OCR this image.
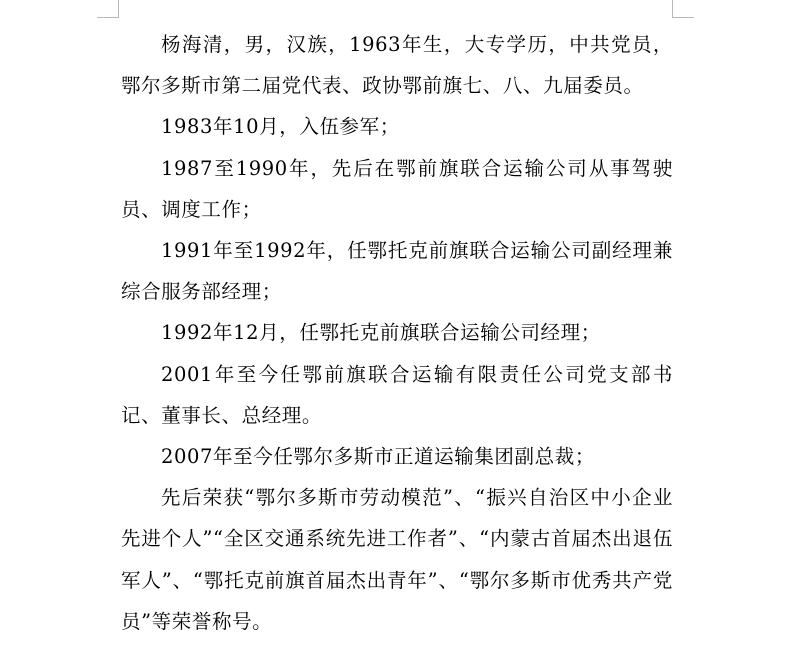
杨海清，男，汉族，1963年生，大专学历，中共党员，鄂尔多斯市第二届党代表、政协鄂前旗七、八、九届委员。

1983年10月，入伍参军；

1987至1990年，先后在鄂前旗联合运输公司从事驾驶员、调度工作；

1991年至1992年，任鄂托克前旗联合运输公司副经理兼综合服务部经理；

1992年12月，任鄂托克前旗联合运输公司经理；

2001年至今任鄂前旗联合运输有限责任公司党支部书记、董事长、总经理。

2007年至今任鄂尔多斯市正道运输集团副总裁；

先后荣获“鄂尔多斯市劳动模范”、“振兴自治区中小企业先进个人”“全区交通系统先进工作者”、“内蒙古首届杰出退伍军人”、“鄂托克前旗首届杰出青年”、“鄂尔多斯市优秀共产党员”等荣誉称号。
